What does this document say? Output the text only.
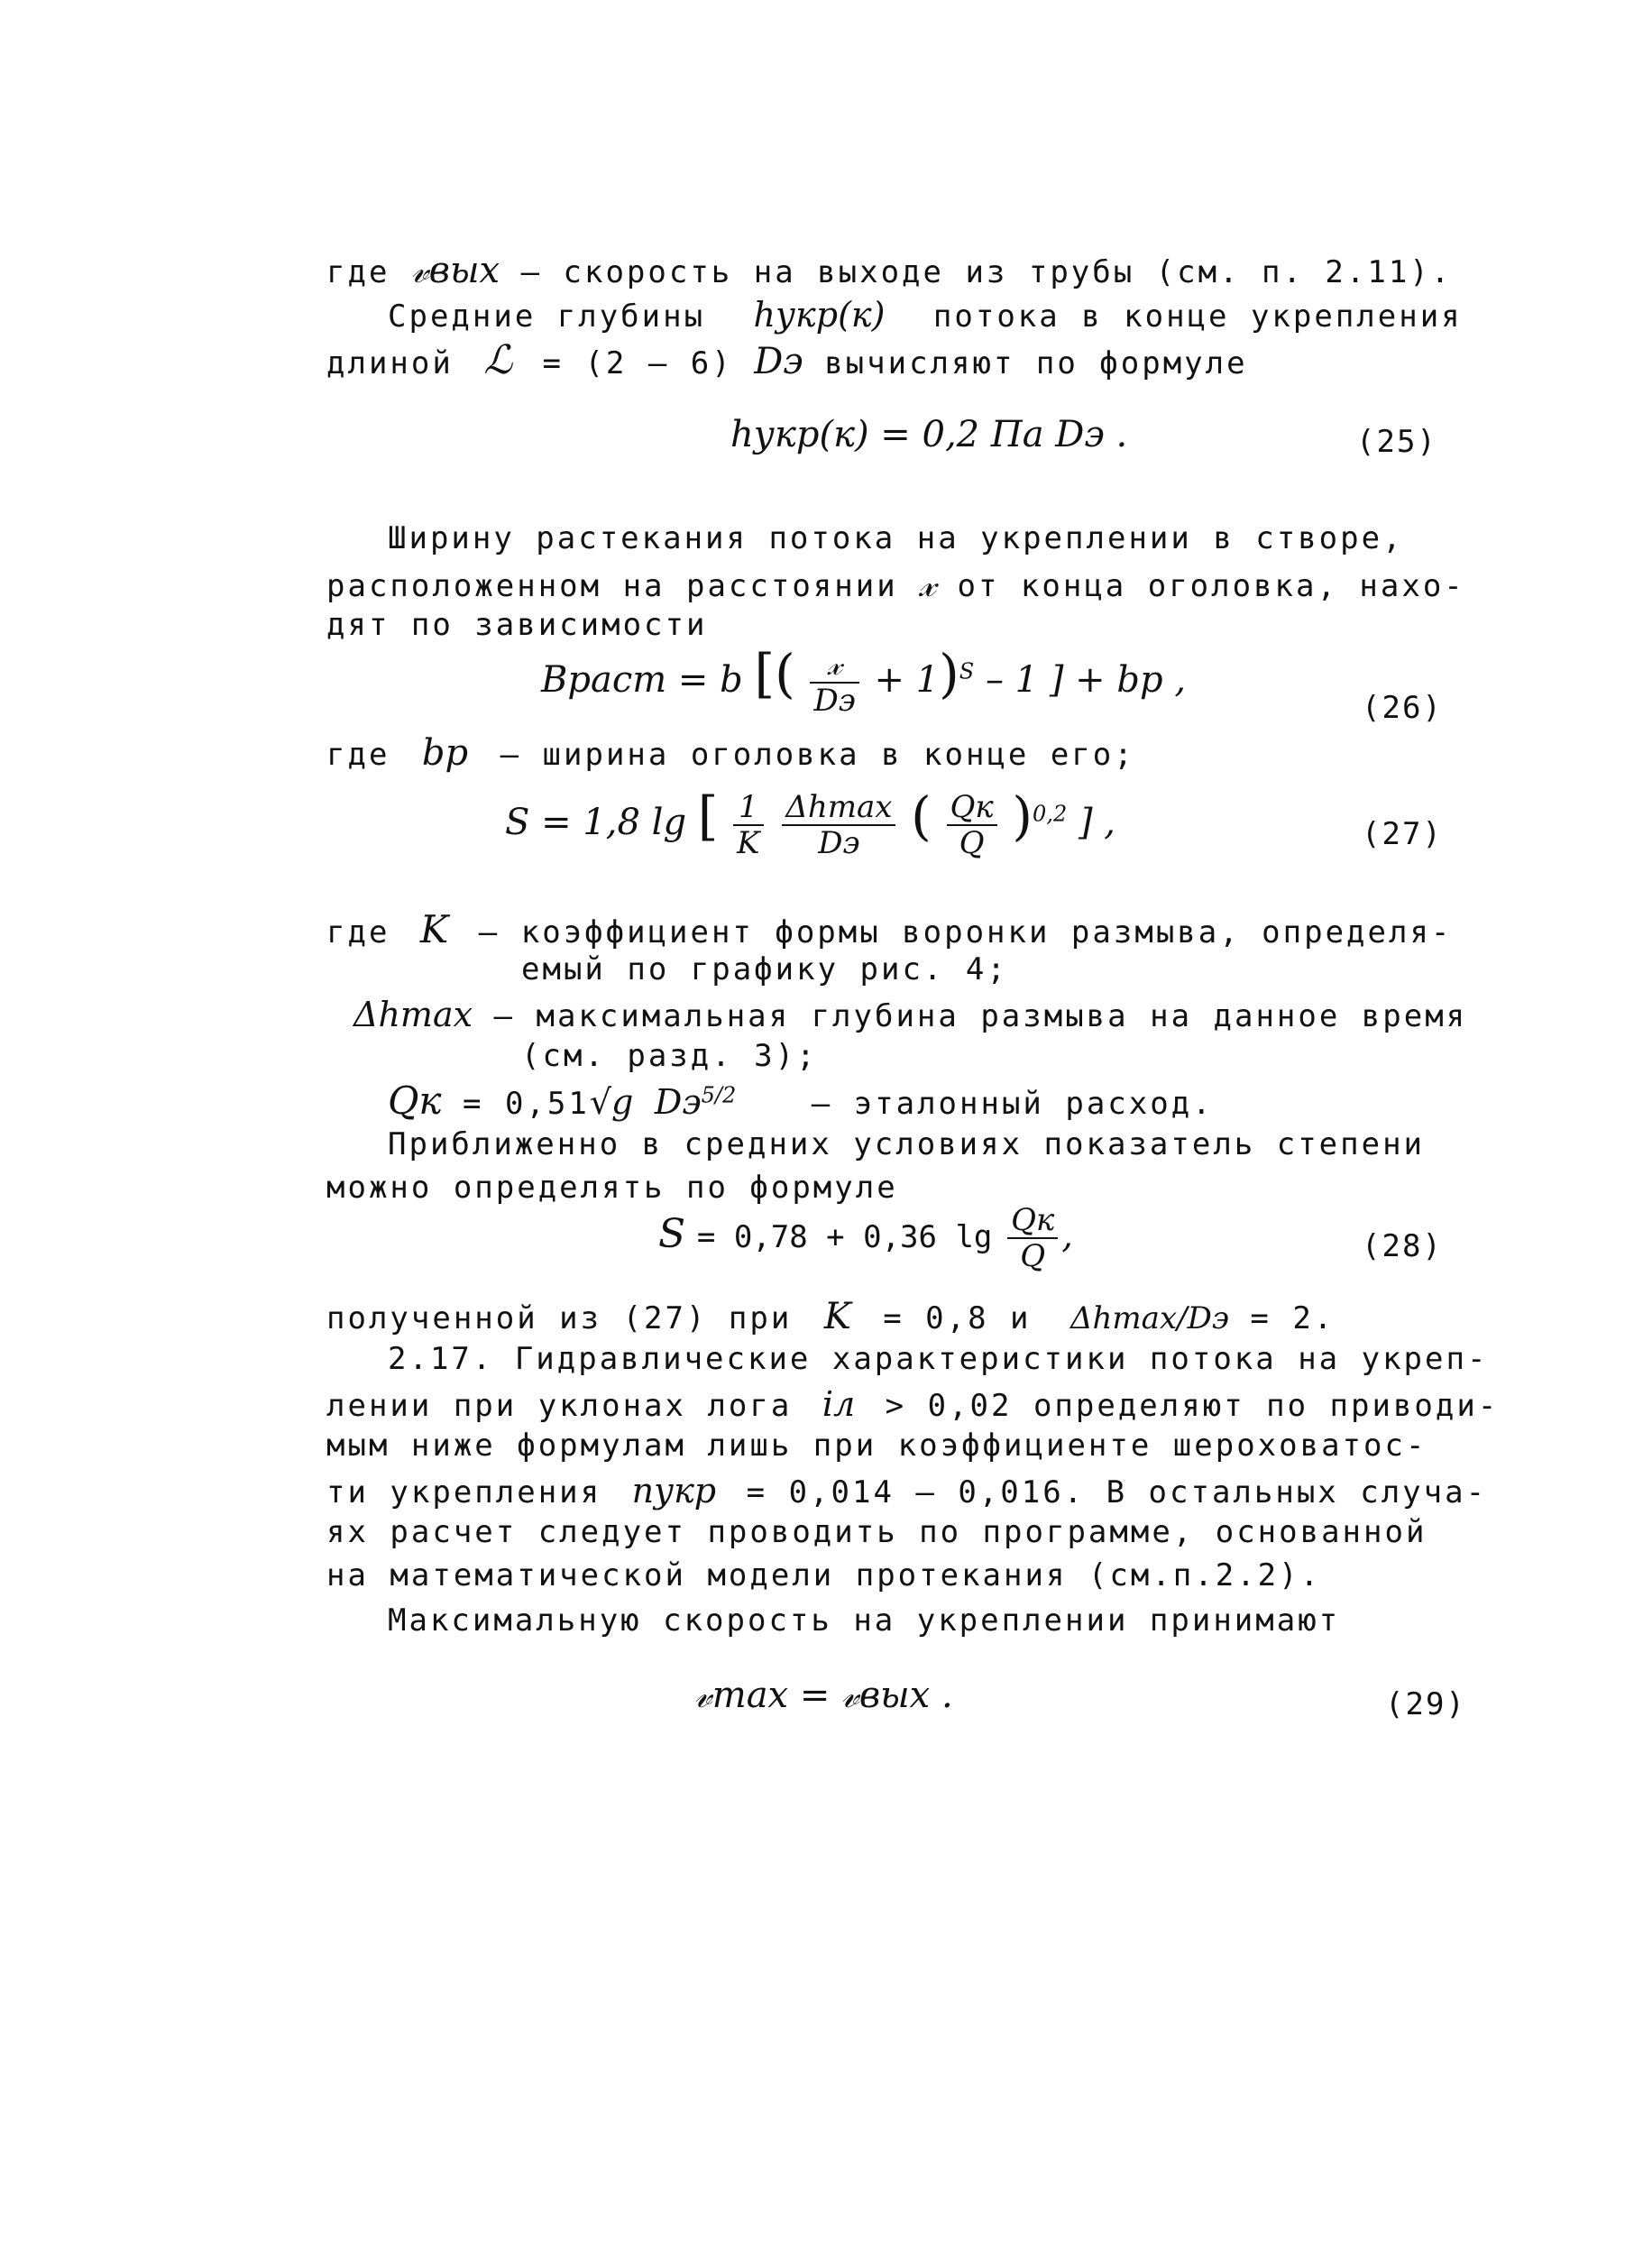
где 𝓋вых – скорость на выходе из трубы (см. п. 2.11).
Средние глубины hукр(к) потока в конце укрепления
длиной ℒ = (2 – 6) Dэ вычисляют по формуле
hукр(к) = 0,2 Па Dэ .	(25)
Ширину растекания потока на укреплении в створе,
расположенном на расстоянии 𝓍 от конца оголовка, нахо-
дят по зависимости
Bраст = b [( $\frac{\text{𝓍}}{Dэ} + 1)^S - 1$ ] + bр ,
(26)
где bр – ширина оголовка в конце его;
S = 1,8 lg [ $\frac{1}{K}$
$\frac{\Delta hmax}{Dэ}$ ( $\frac{Qк}{Q} )^{0,2}$ ] ,	(27)
где K – коэффициент формы воронки размыва, определя-
емый по графику рис. 4;
Δhmax – максимальная глубина размыва на данное время
(см. разд. 3);
Qк = 0,51√g $Dэ^{5/2}$ – эталонный расход.
Приближенно в средних условиях показатель степени
можно определять по формуле
S = 0,78 + 0,36 $\lg \frac{Qк}{Q}$ ,	(28)
полученной из (27) при K = 0,8 и Δhmax/Dэ = 2.
2.17. Гидравлические характеристики потока на укреп-
лении при уклонах лога iл > 0,02 определяют по приводи-
мым ниже формулам лишь при коэффициенте шероховатос-
ти укрепления nукр = 0,014 – 0,016. В остальных случа-
ях расчет следует проводить по программе, основанной
на математической модели протекания (см.п.2.2).
Максимальную скорость на укреплении принимают
𝓋max = 𝓋вых .	(29)
